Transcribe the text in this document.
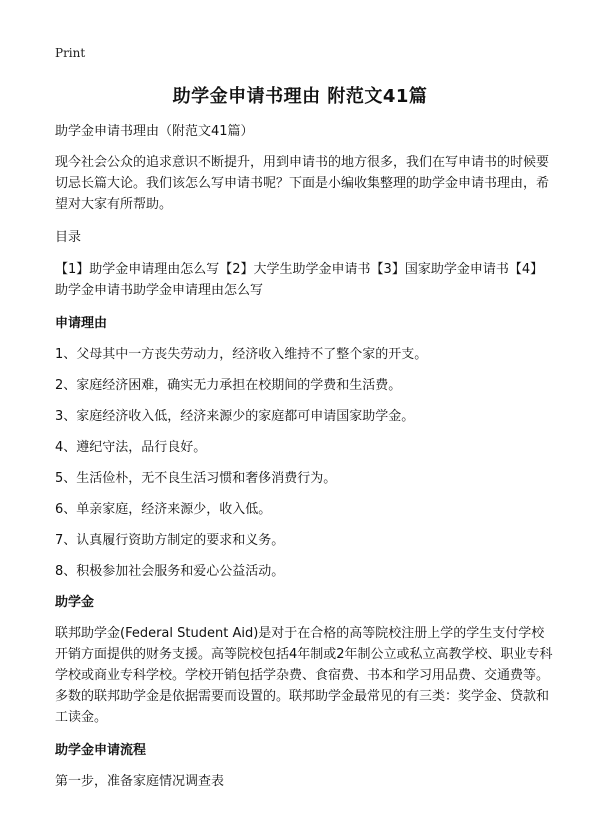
Print
助学金申请书理由 附范文41篇

助学金申请书理由（附范文41篇）

现今社会公众的追求意识不断提升，用到申请书的地方很多，我们在写申请书的时候要切忌长篇大论。我们该怎么写申请书呢？下面是小编收集整理的助学金申请书理由，希望对大家有所帮助。

目录

【1】助学金申请理由怎么写【2】大学生助学金申请书【3】国家助学金申请书【4】助学金申请书助学金申请理由怎么写

申请理由

1、父母其中一方丧失劳动力，经济收入维持不了整个家的开支。

2、家庭经济困难，确实无力承担在校期间的学费和生活费。

3、家庭经济收入低，经济来源少的家庭都可申请国家助学金。

4、遵纪守法，品行良好。

5、生活俭朴，无不良生活习惯和奢侈消费行为。

6、单亲家庭，经济来源少，收入低。

7、认真履行资助方制定的要求和义务。

8、积极参加社会服务和爱心公益活动。

助学金

联邦助学金(Federal Student Aid)是对于在合格的高等院校注册上学的学生支付学校开销方面提供的财务支援。高等院校包括4年制或2年制公立或私立高教学校、职业专科学校或商业专科学校。学校开销包括学杂费、食宿费、书本和学习用品费、交通费等。多数的联邦助学金是依据需要而设置的。联邦助学金最常见的有三类：奖学金、贷款和工读金。

助学金申请流程

第一步，准备家庭情况调查表
